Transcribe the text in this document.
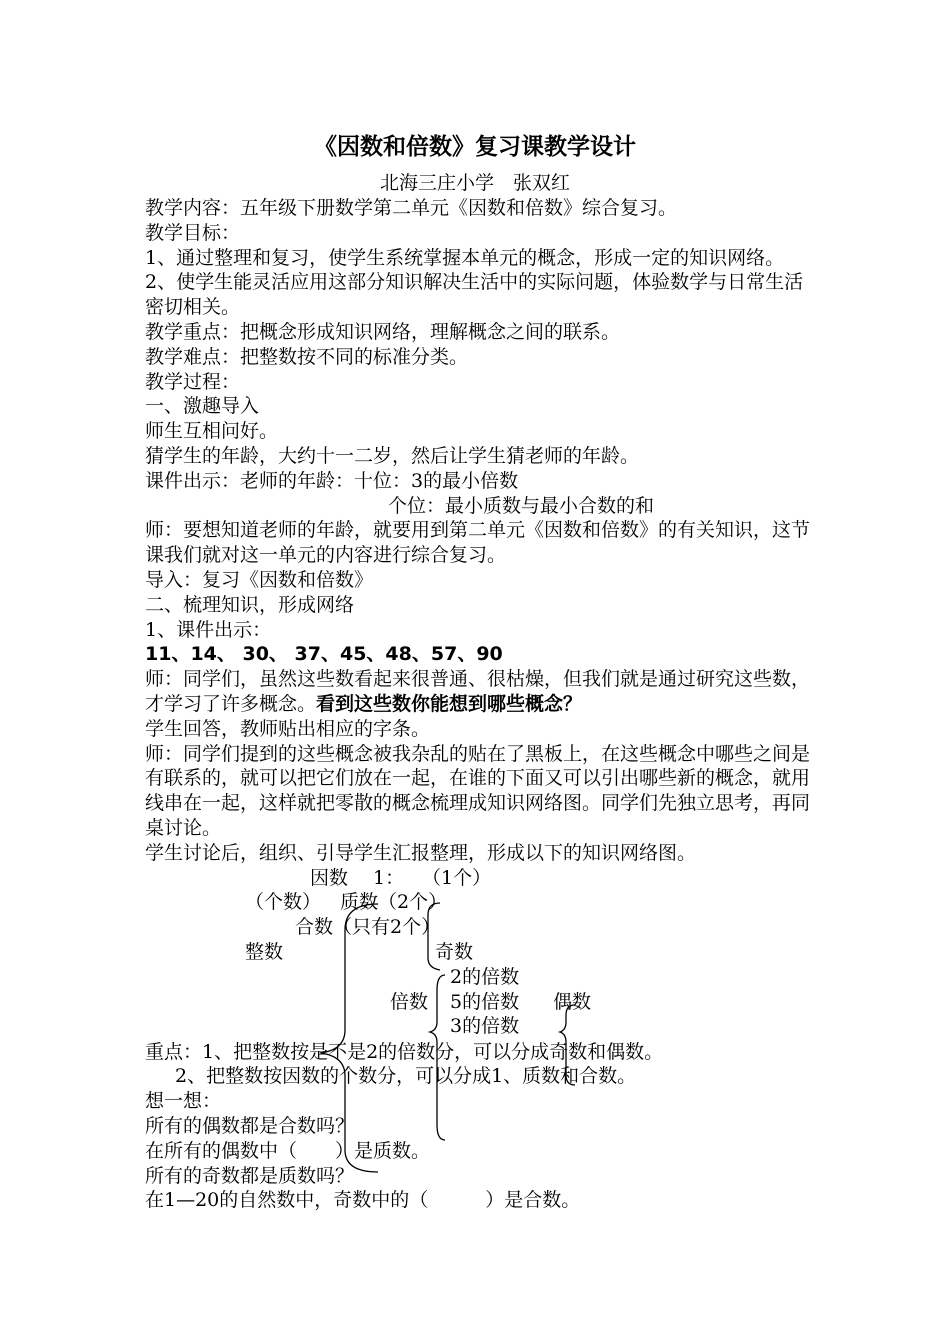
《因数和倍数》复习课教学设计
北海三庄小学　张双红

教学内容：五年级下册数学第二单元《因数和倍数》综合复习。

教学目标：

1、通过整理和复习，使学生系统掌握本单元的概念，形成一定的知识网络。

2、使学生能灵活应用这部分知识解决生活中的实际问题，体验数学与日常生活密切相关。

教学重点：把概念形成知识网络，理解概念之间的联系。

教学难点：把整数按不同的标准分类。

教学过程：

一、激趣导入

师生互相问好。

猜学生的年龄，大约十一二岁，然后让学生猜老师的年龄。

课件出示：老师的年龄：十位：3的最小倍数

个位：最小质数与最小合数的和

师：要想知道老师的年龄，就要用到第二单元《因数和倍数》的有关知识，这节课我们就对这一单元的内容进行综合复习。

导入：复习《因数和倍数》

二、梳理知识，形成网络

1、课件出示：

11、14、 30、 37、45、48、57、90

师：同学们，虽然这些数看起来很普通、很枯燥，但我们就是通过研究这些数，才学习了许多概念。看到这些数你能想到哪些概念？

学生回答，教师贴出相应的字条。

师：同学们提到的这些概念被我杂乱的贴在了黑板上，在这些概念中哪些之间是有联系的，就可以把它们放在一起，在谁的下面又可以引出哪些新的概念，就用线串在一起，这样就把零散的概念梳理成知识网络图。同学们先独立思考，再同桌讨论。

学生讨论后，组织、引导学生汇报整理，形成以下的知识网络图。

因数 1： （1个）
（个数） 质数（2个）
合数（只有2个）
整数	奇数
2的倍数
倍数 5的倍数 偶数
3的倍数

重点：1、把整数按是不是2的倍数分，可以分成奇数和偶数。

2、把整数按因数的个数分，可以分成1、质数和合数。

想一想：

所有的偶数都是合数吗？

在所有的偶数中（　　）是质数。

所有的奇数都是质数吗？

在1—20的自然数中，奇数中的（　　　）是合数。
